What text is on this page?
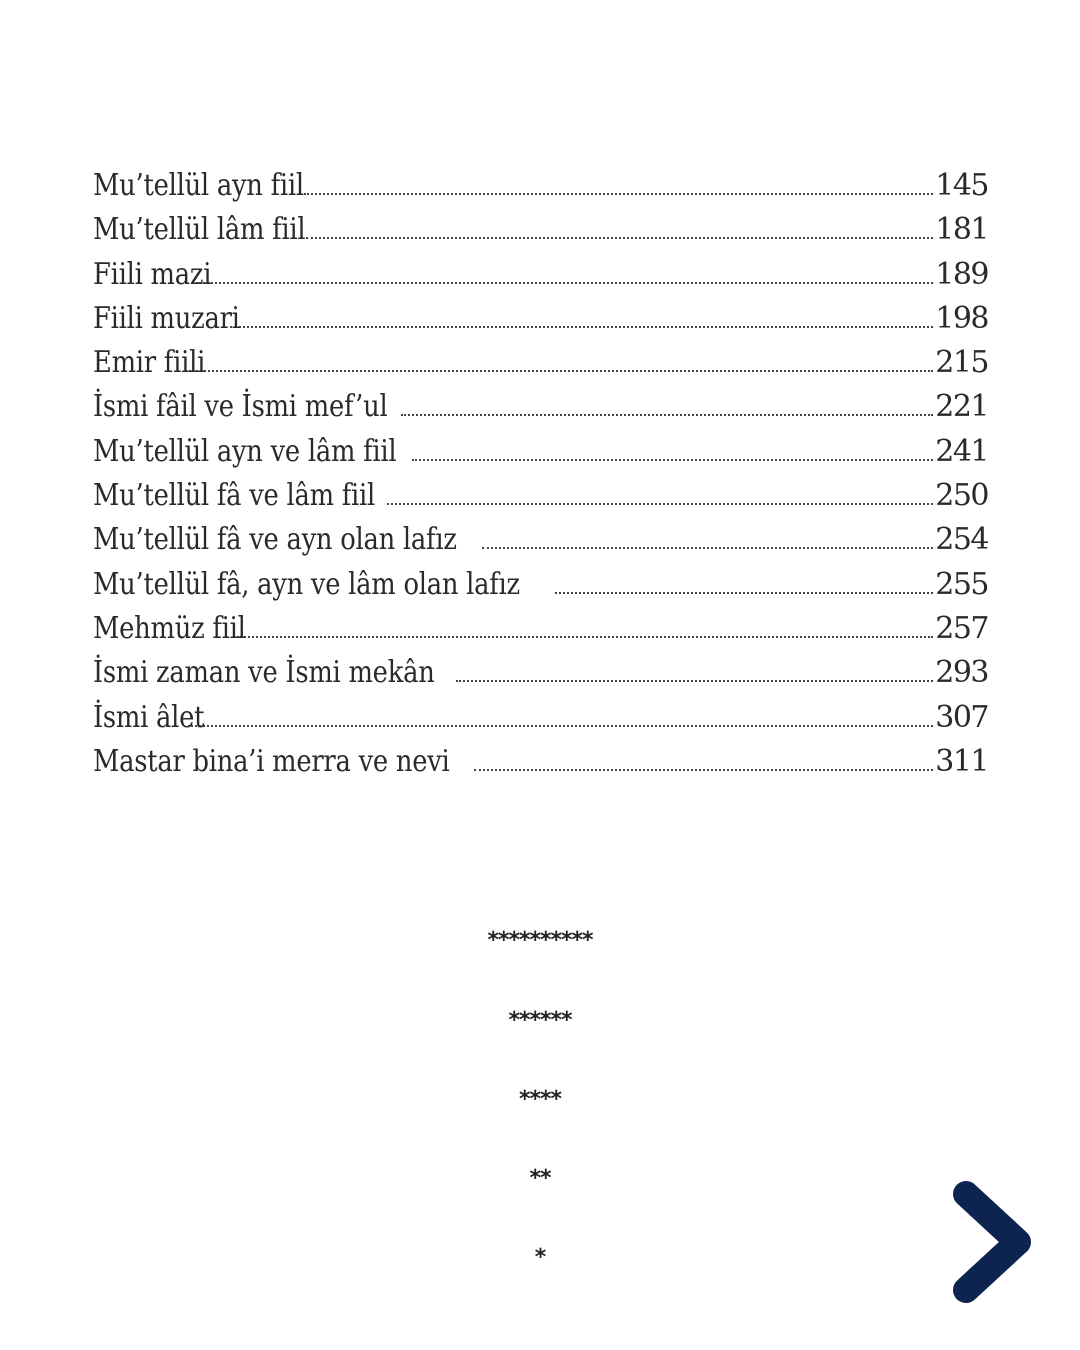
Mu’tellül ayn fiil	145
Mu’tellül lâm fiil	181
Fiili mazi	189
Fiili muzari	198
Emir fiili	215
İsmi fâil ve İsmi mef’ul	221
Mu’tellül ayn ve lâm fiil	241
Mu’tellül fâ ve lâm fiil	250
Mu’tellül fâ ve ayn olan lafız	254
Mu’tellül fâ, ayn ve lâm olan lafız	255
Mehmüz fiil	257
İsmi zaman ve İsmi mekân	293
İsmi âlet	307
Mastar bina’i merra ve nevi	311
**********
******
****
**
*
